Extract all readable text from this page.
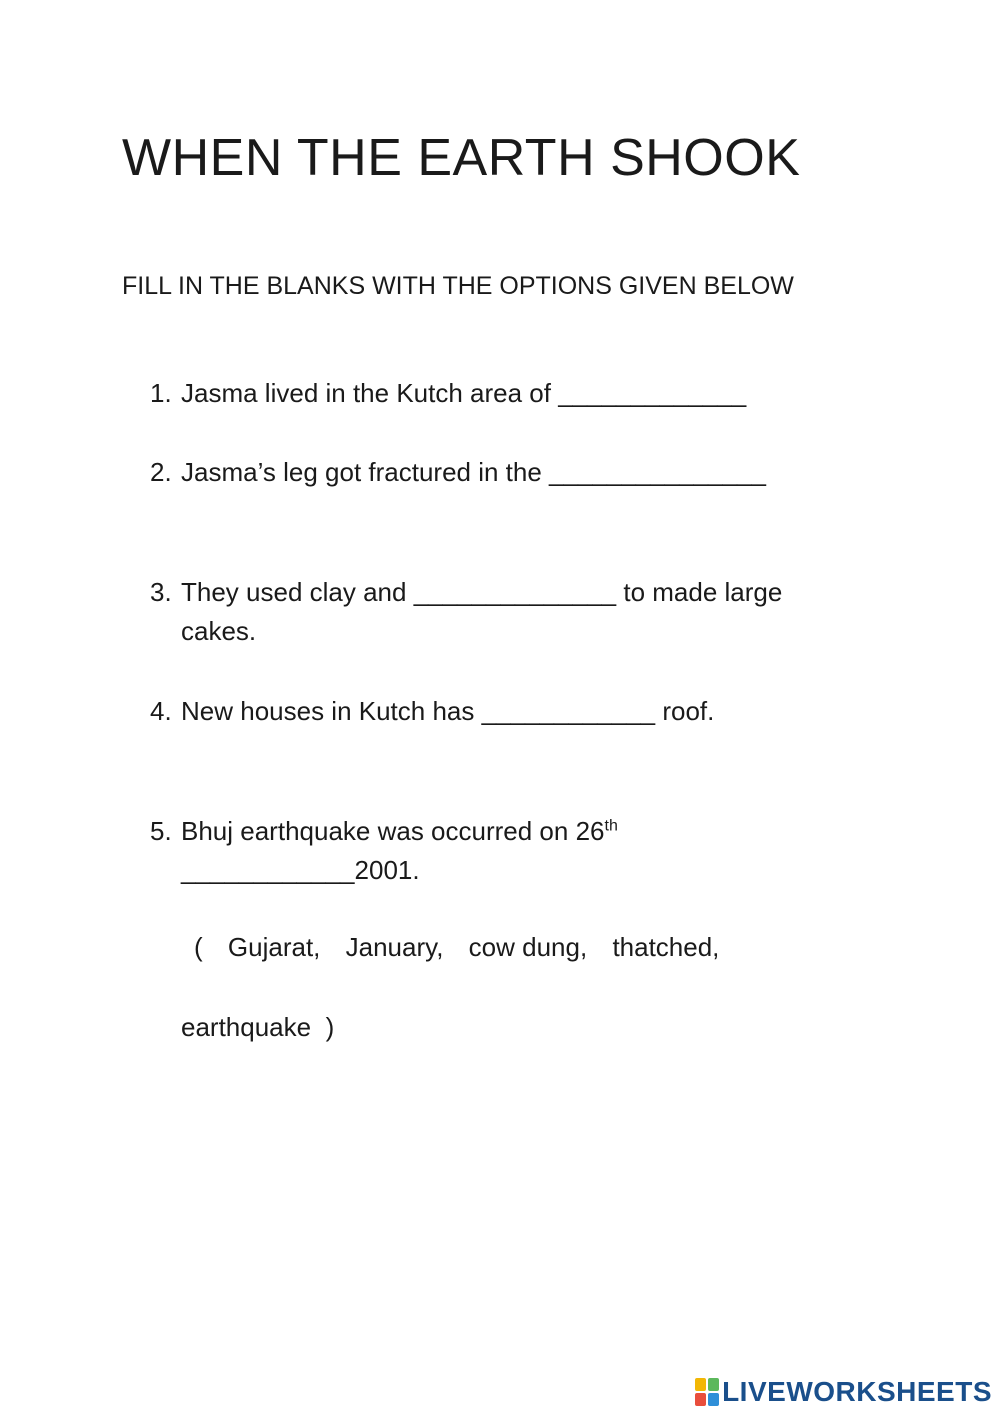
WHEN THE EARTH SHOOK
FILL IN THE BLANKS WITH THE OPTIONS GIVEN BELOW
1. Jasma lived in the Kutch area of _____________
2. Jasma’s leg got fractured in the _______________
3. They used clay and ______________ to made large cakes.
4. New houses in Kutch has ____________ roof.
5. Bhuj earthquake was occurred on 26th
____________2001.
( Gujarat, January, cow dung, thatched,
earthquake )
LIVEWORKSHEETS
